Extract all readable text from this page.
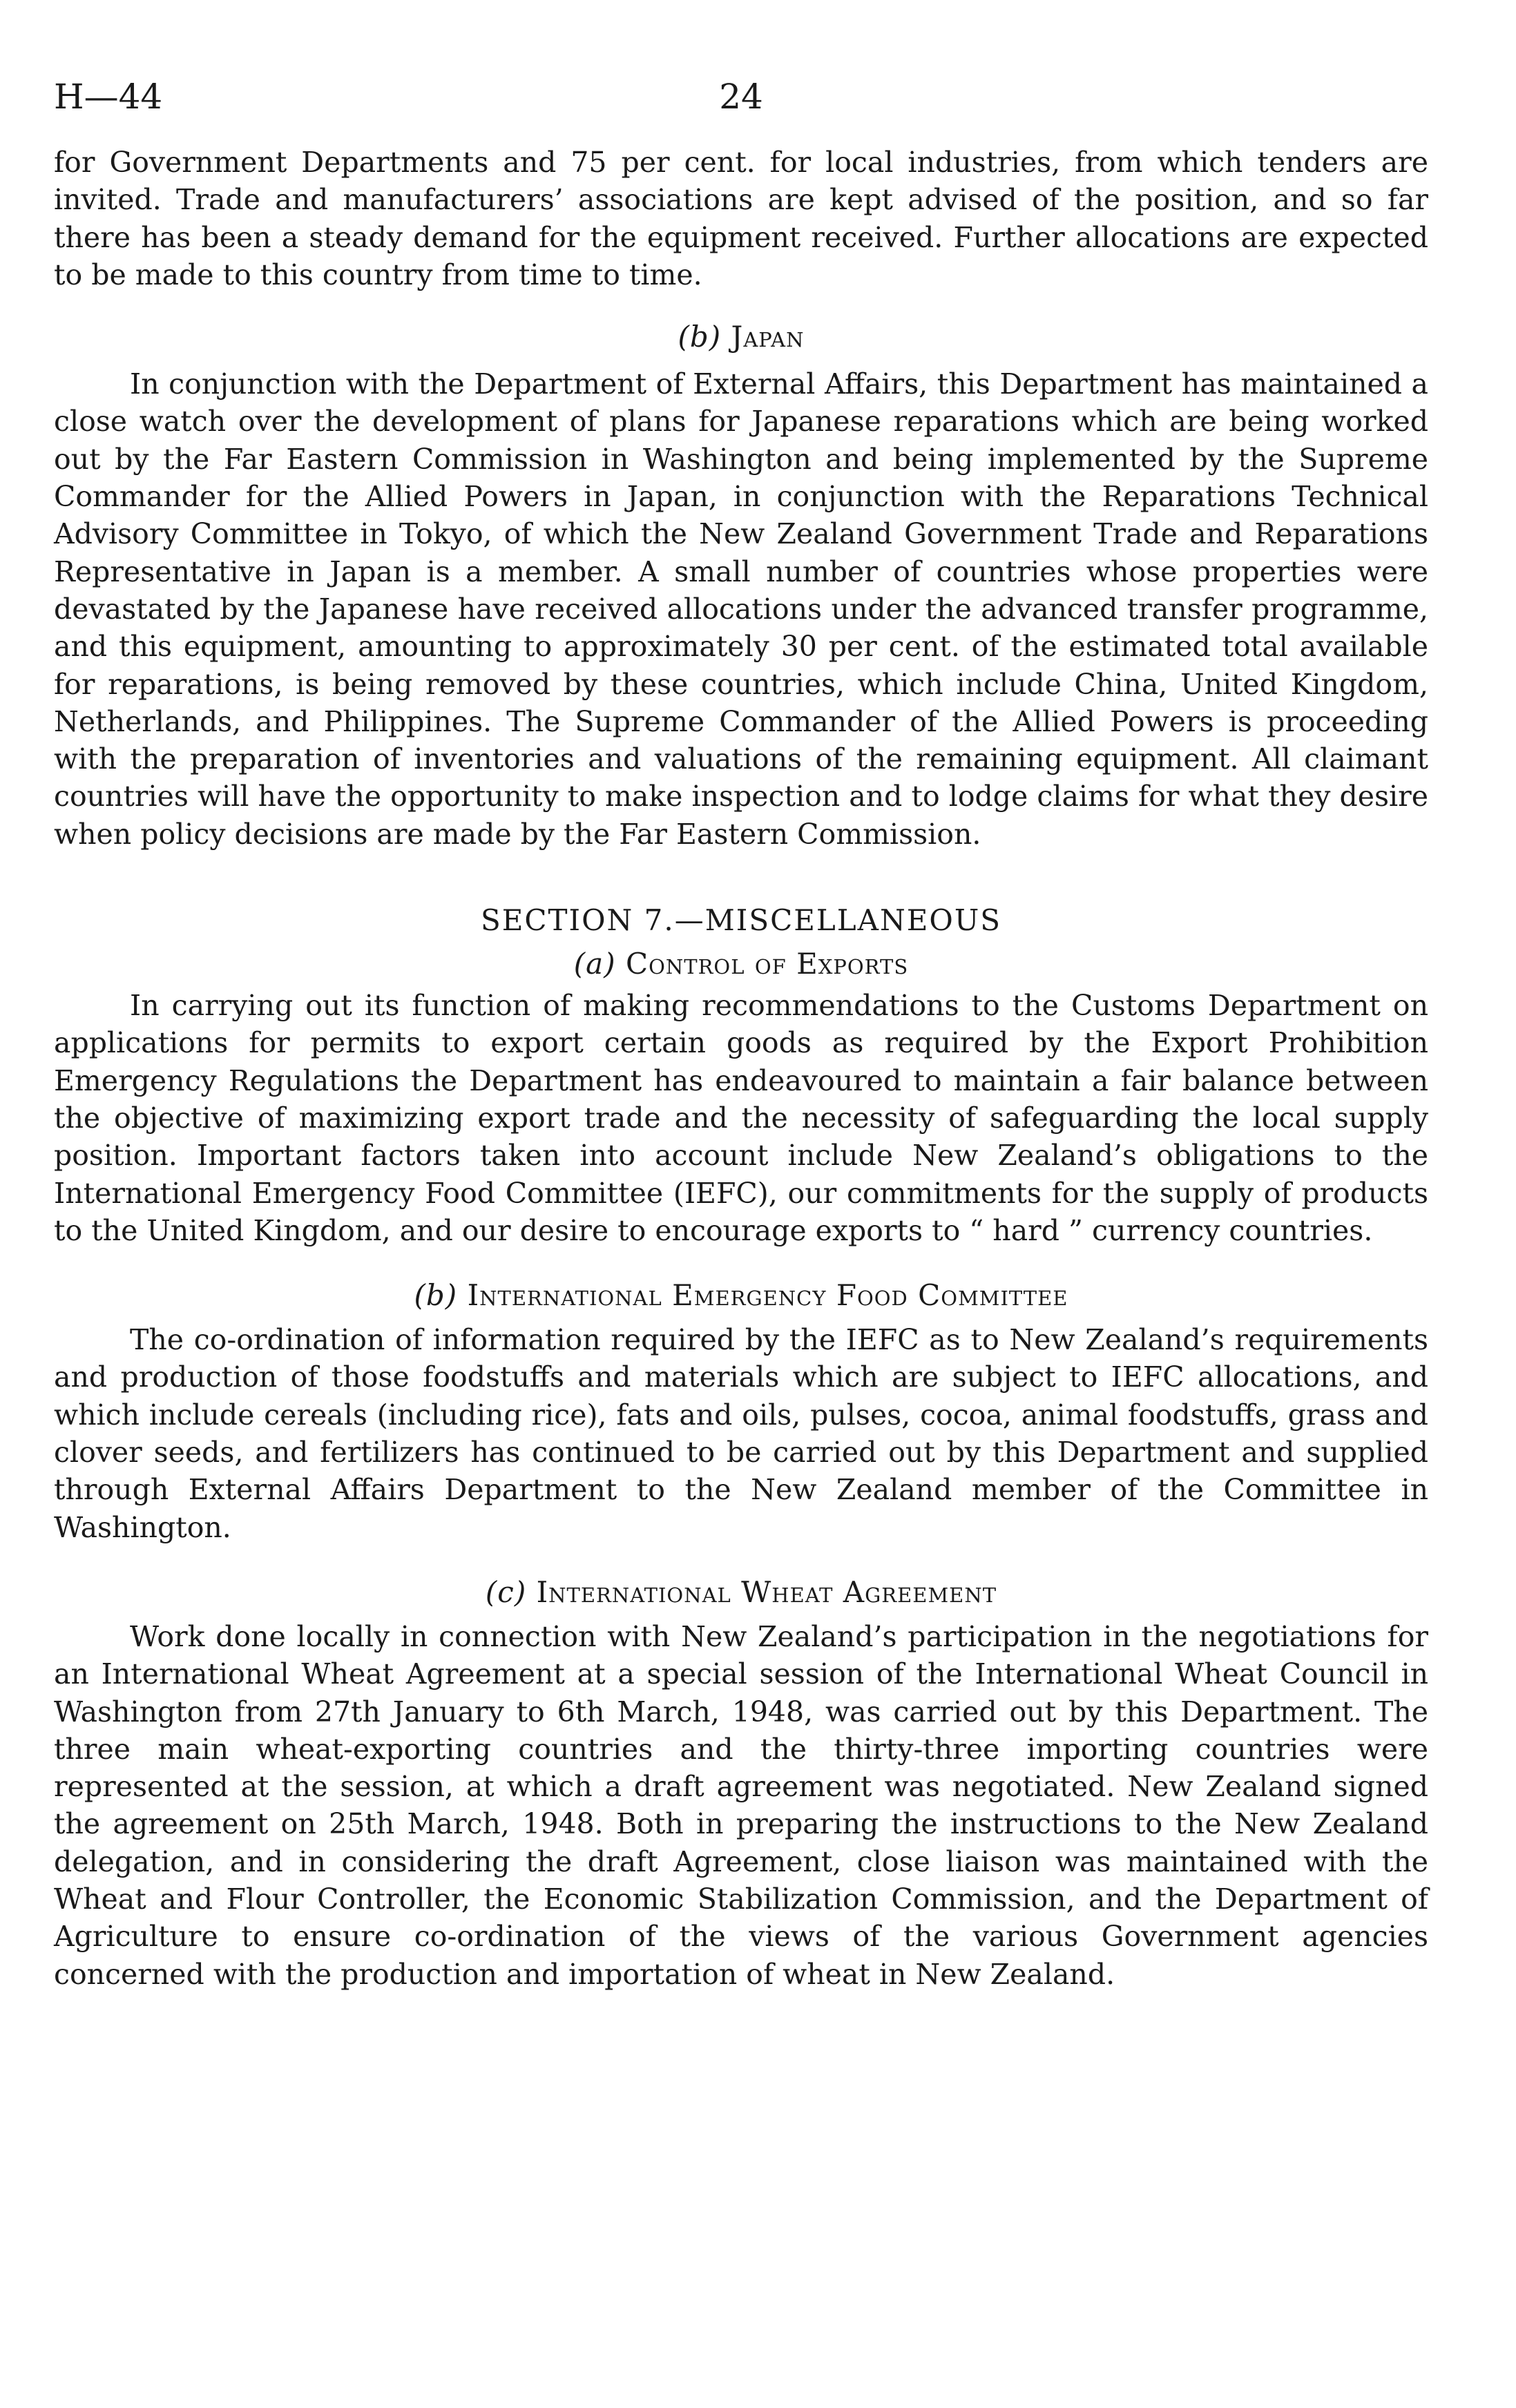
H—44	24

for Government Departments and 75 per cent. for local industries, from which tenders are invited. Trade and manufacturers’ associations are kept advised of the position, and so far there has been a steady demand for the equipment received. Further allocations are expected to be made to this country from time to time.

(b) Japan

In conjunction with the Department of External Affairs, this Department has maintained a close watch over the development of plans for Japanese reparations which are being worked out by the Far Eastern Commission in Washington and being implemented by the Supreme Commander for the Allied Powers in Japan, in conjunction with the Reparations Technical Advisory Committee in Tokyo, of which the New Zealand Government Trade and Reparations Representative in Japan is a member. A small number of countries whose properties were devastated by the Japanese have received allocations under the advanced transfer programme, and this equipment, amounting to approximately 30 per cent. of the estimated total available for reparations, is being removed by these countries, which include China, United Kingdom, Netherlands, and Philippines. The Supreme Commander of the Allied Powers is proceeding with the preparation of inventories and valuations of the remaining equipment. All claimant countries will have the opportunity to make inspection and to lodge claims for what they desire when policy decisions are made by the Far Eastern Commission.

SECTION 7.—MISCELLANEOUS
(a) Control of Exports

In carrying out its function of making recommendations to the Customs Department on applications for permits to export certain goods as required by the Export Prohibition Emergency Regulations the Department has endeavoured to maintain a fair balance between the objective of maximizing export trade and the necessity of safeguarding the local supply position. Important factors taken into account include New Zealand’s obligations to the International Emergency Food Committee (IEFC), our commitments for the supply of products to the United Kingdom, and our desire to encourage exports to “ hard ” currency countries.

(b) International Emergency Food Committee

The co-ordination of information required by the IEFC as to New Zealand’s requirements and production of those foodstuffs and materials which are subject to IEFC allocations, and which include cereals (including rice), fats and oils, pulses, cocoa, animal foodstuffs, grass and clover seeds, and fertilizers has continued to be carried out by this Department and supplied through External Affairs Department to the New Zealand member of the Committee in Washington.

(c) International Wheat Agreement

Work done locally in connection with New Zealand’s participation in the negotiations for an International Wheat Agreement at a special session of the International Wheat Council in Washington from 27th January to 6th March, 1948, was carried out by this Department. The three main wheat-exporting countries and the thirty-three importing countries were represented at the session, at which a draft agreement was negotiated. New Zealand signed the agreement on 25th March, 1948. Both in preparing the instructions to the New Zealand delegation, and in considering the draft Agreement, close liaison was maintained with the Wheat and Flour Controller, the Economic Stabilization Commission, and the Department of Agriculture to ensure co-ordination of the views of the various Government agencies concerned with the production and importation of wheat in New Zealand.
